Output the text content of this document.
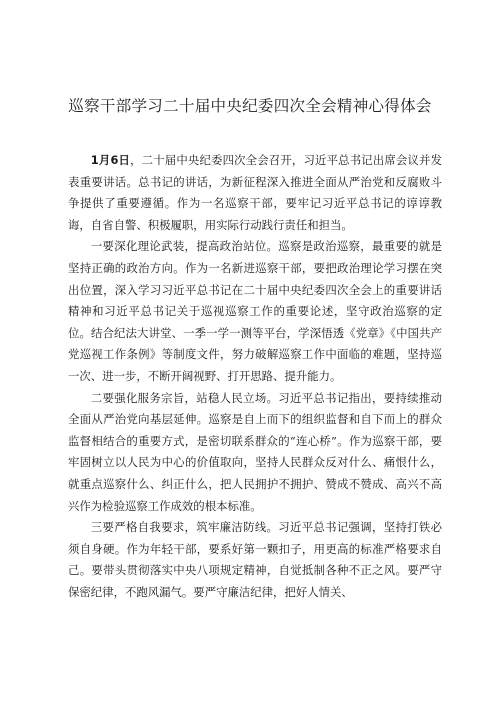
巡察干部学习二十届中央纪委四次全会精神心得体会

1月6日，二十届中央纪委四次全会召开，习近平总书记出席会议并发表重要讲话。总书记的讲话，为新征程深入推进全面从严治党和反腐败斗争提供了重要遵循。作为一名巡察干部，要牢记习近平总书记的谆谆教诲，自省自警、积极履职，用实际行动践行责任和担当。

一要深化理论武装，提高政治站位。巡察是政治巡察，最重要的就是坚持正确的政治方向。作为一名新进巡察干部，要把政治理论学习摆在突出位置，深入学习习近平总书记在二十届中央纪委四次全会上的重要讲话精神和习近平总书记关于巡视巡察工作的重要论述，坚守政治巡察的定位。结合纪法大讲堂、一季一学一测等平台，学深悟透《党章》《中国共产党巡视工作条例》等制度文件，努力破解巡察工作中面临的难题，坚持巡一次、进一步，不断开阔视野、打开思路、提升能力。

二要强化服务宗旨，站稳人民立场。习近平总书记指出，要持续推动全面从严治党向基层延伸。巡察是自上而下的组织监督和自下而上的群众监督相结合的重要方式，是密切联系群众的“连心桥”。作为巡察干部，要牢固树立以人民为中心的价值取向，坚持人民群众反对什么、痛恨什么，就重点巡察什么、纠正什么，把人民拥护不拥护、赞成不赞成、高兴不高兴作为检验巡察工作成效的根本标准。

三要严格自我要求，筑牢廉洁防线。习近平总书记强调，坚持打铁必须自身硬。作为年轻干部，要系好第一颗扣子，用更高的标准严格要求自己。要带头贯彻落实中央八项规定精神，自觉抵制各种不正之风。要严守保密纪律，不跑风漏气。要严守廉洁纪律，把好人情关、
